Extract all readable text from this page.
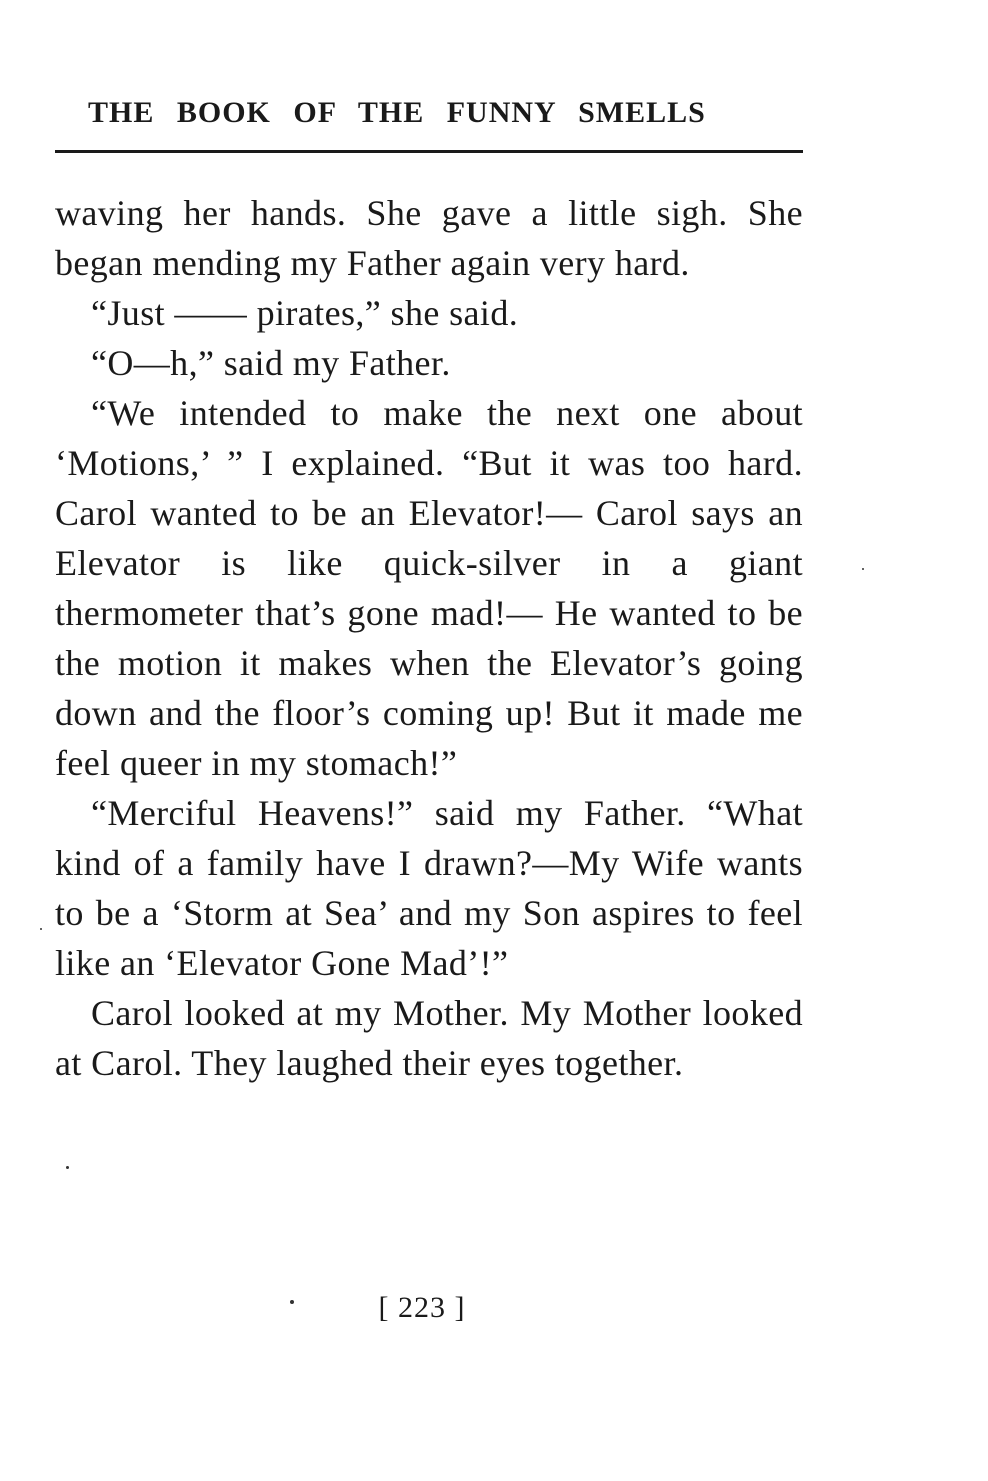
THE BOOK OF THE FUNNY SMELLS

waving her hands. She gave a little sigh. She began mending my Father again very hard.

“Just —— pirates,” she said.

“O—h,” said my Father.

“We intended to make the next one about ‘Motions,’ ” I explained. “But it was too hard. Carol wanted to be an Elevator!— Carol says an Elevator is like quick-silver in a giant thermometer that’s gone mad!— He wanted to be the motion it makes when the Elevator’s going down and the floor’s coming up! But it made me feel queer in my stomach!”

“Merciful Heavens!” said my Father. “What kind of a family have I drawn?—My Wife wants to be a ‘Storm at Sea’ and my Son aspires to feel like an ‘Elevator Gone Mad’!”

Carol looked at my Mother. My Mother looked at Carol. They laughed their eyes together.

[ 223 ]
